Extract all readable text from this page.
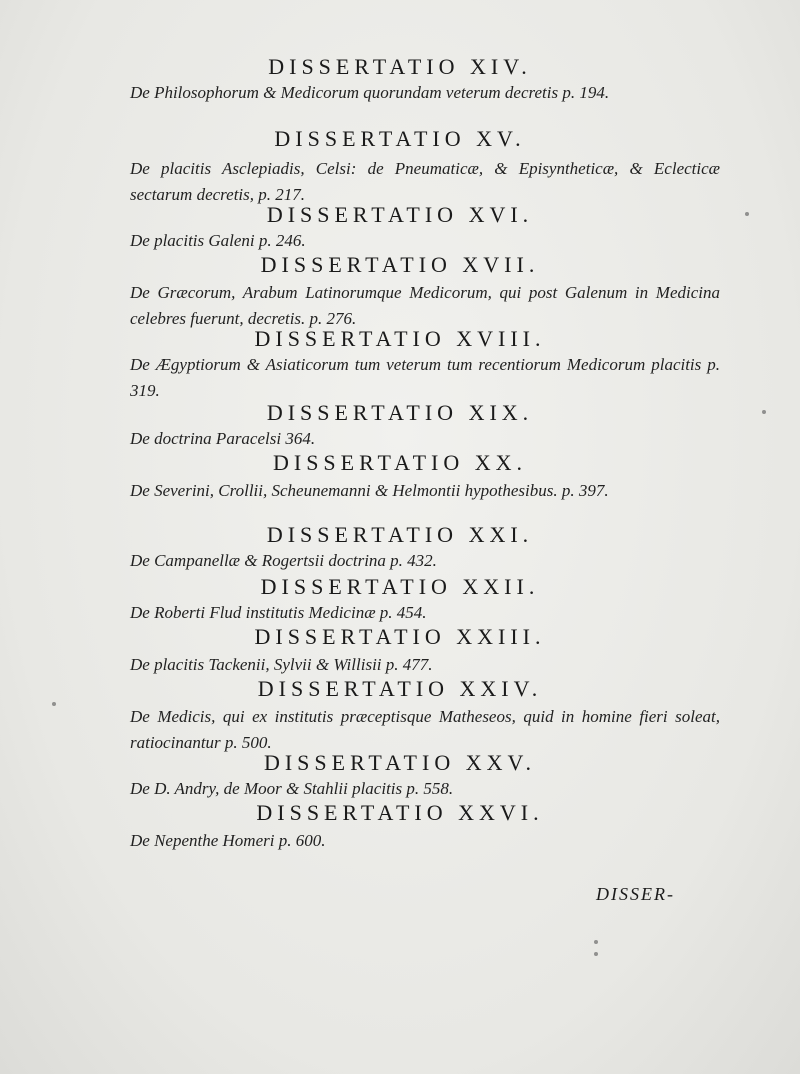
DISSERTATIO XIV.
De Philosophorum & Medicorum quorundam veterum decretis p. 194.
DISSERTATIO XV.
De placitis Asclepiadis, Celsi: de Pneumaticæ, & Episyntheticæ, & Eclecticæ sectarum decretis, p. 217.
DISSERTATIO XVI.
De placitis Galeni p. 246.
DISSERTATIO XVII.
De Græcorum, Arabum Latinorumque Medicorum, qui post Galenum in Medicina celebres fuerunt, decretis. p. 276.
DISSERTATIO XVIII.
De Ægyptiorum & Asiaticorum tum veterum tum recentiorum Medicorum placitis p. 319.
DISSERTATIO XIX.
De doctrina Paracelsi 364.
DISSERTATIO XX.
De Severini, Crollii, Scheunemanni & Helmontii hypothesibus. p. 397.
DISSERTATIO XXI.
De Campanellæ & Rogertsii doctrina p. 432.
DISSERTATIO XXII.
De Roberti Flud institutis Medicinæ p. 454.
DISSERTATIO XXIII.
De placitis Tackenii, Sylvii & Willisii p. 477.
DISSERTATIO XXIV.
De Medicis, qui ex institutis præceptisque Matheseos, quid in homine fieri soleat, ratiocinantur p. 500.
DISSERTATIO XXV.
De D. Andry, de Moor & Stahlii placitis p. 558.
DISSERTATIO XXVI.
De Nepenthe Homeri p. 600.
DISSER-
